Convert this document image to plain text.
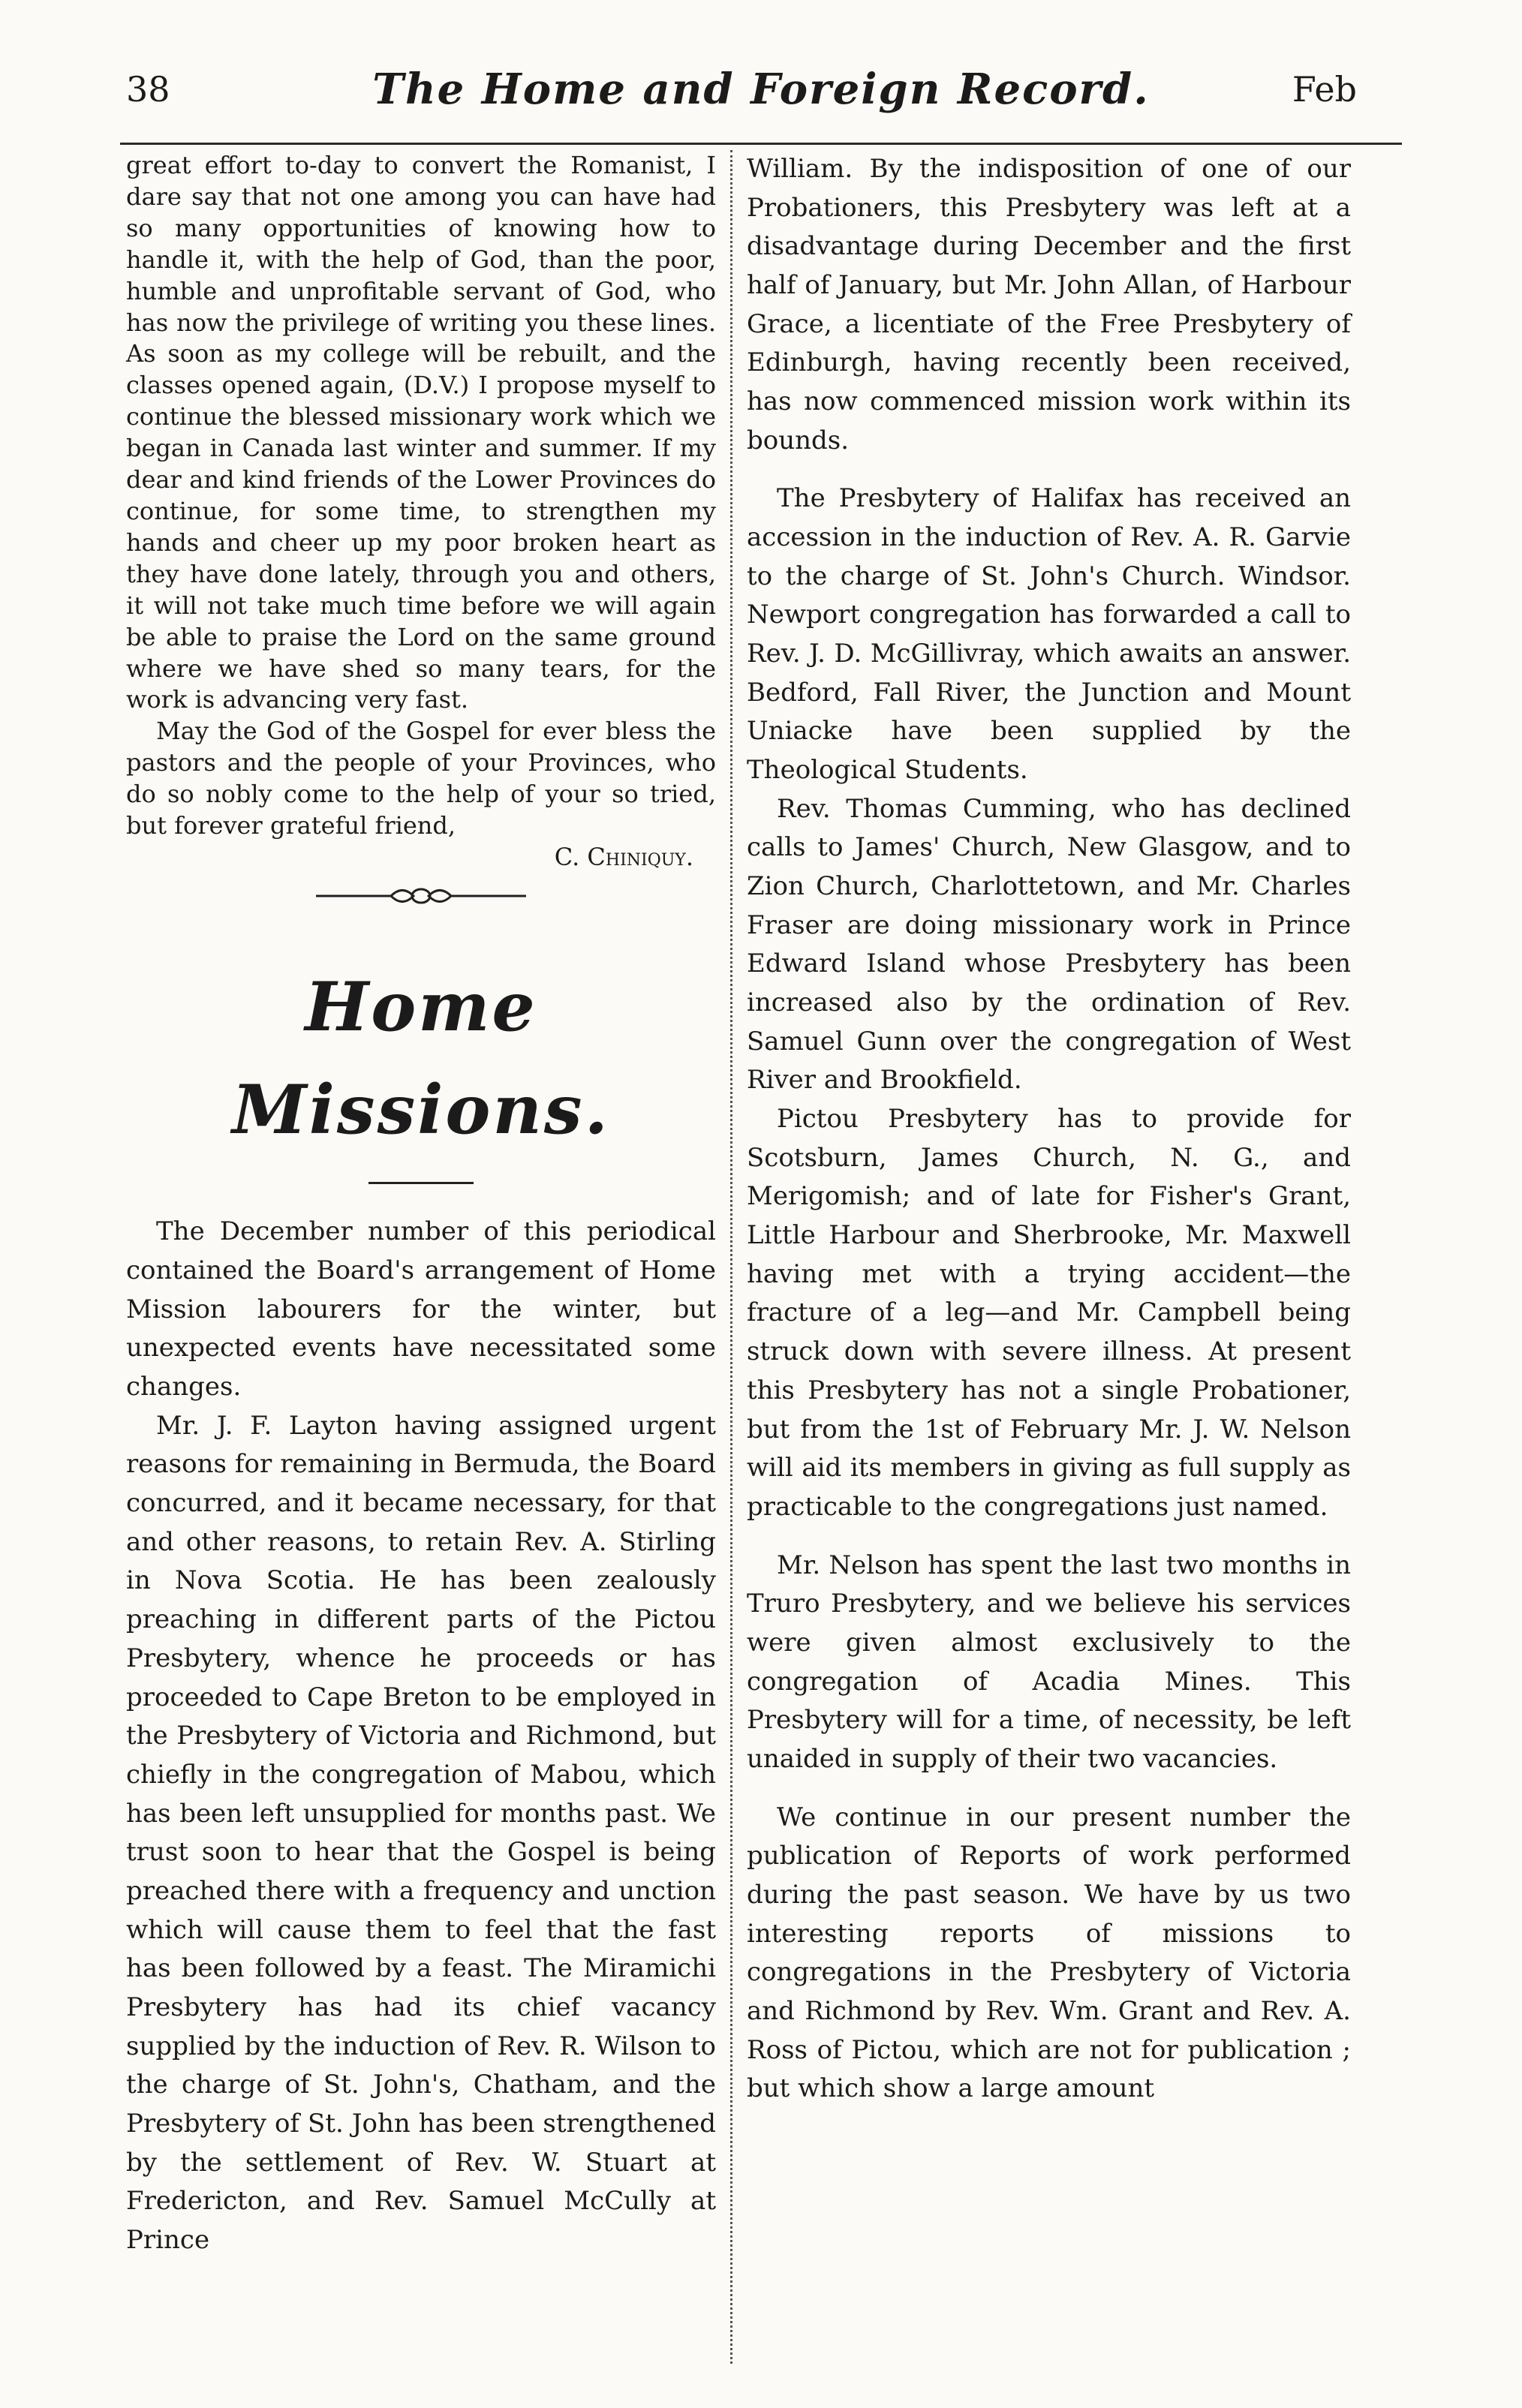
38	The Home and Foreign Record.	Feb

great effort to-day to convert the Romanist, I dare say that not one among you can have had so many opportunities of knowing how to handle it, with the help of God, than the poor, humble and unprofitable servant of God, who has now the privilege of writing you these lines. As soon as my college will be rebuilt, and the classes opened again, (D.V.) I propose myself to continue the blessed missionary work which we began in Canada last winter and summer. If my dear and kind friends of the Lower Provinces do continue, for some time, to strengthen my hands and cheer up my poor broken heart as they have done lately, through you and others, it will not take much time before we will again be able to praise the Lord on the same ground where we have shed so many tears, for the work is advancing very fast.

May the God of the Gospel for ever bless the pastors and the people of your Provinces, who do so nobly come to the help of your so tried, but forever grateful friend,

C. Chiniquy.

Home Missions.

The December number of this periodical contained the Board's arrangement of Home Mission labourers for the winter, but unexpected events have necessitated some changes.

Mr. J. F. Layton having assigned urgent reasons for remaining in Bermuda, the Board concurred, and it became necessary, for that and other reasons, to retain Rev. A. Stirling in Nova Scotia. He has been zealously preaching in different parts of the Pictou Presbytery, whence he proceeds or has proceeded to Cape Breton to be employed in the Presbytery of Victoria and Richmond, but chiefly in the congregation of Mabou, which has been left unsupplied for months past. We trust soon to hear that the Gospel is being preached there with a frequency and unction which will cause them to feel that the fast has been followed by a feast. The Miramichi Presbytery has had its chief vacancy supplied by the induction of Rev. R. Wilson to the charge of St. John's, Chatham, and the Presbytery of St. John has been strengthened by the settlement of Rev. W. Stuart at Fredericton, and Rev. Samuel McCully at Prince

William. By the indisposition of one of our Probationers, this Presbytery was left at a disadvantage during December and the first half of January, but Mr. John Allan, of Harbour Grace, a licentiate of the Free Presbytery of Edinburgh, having recently been received, has now commenced mission work within its bounds.

The Presbytery of Halifax has received an accession in the induction of Rev. A. R. Garvie to the charge of St. John's Church. Windsor. Newport congregation has forwarded a call to Rev. J. D. McGillivray, which awaits an answer. Bedford, Fall River, the Junction and Mount Uniacke have been supplied by the Theological Students.

Rev. Thomas Cumming, who has declined calls to James' Church, New Glasgow, and to Zion Church, Charlottetown, and Mr. Charles Fraser are doing missionary work in Prince Edward Island whose Presbytery has been increased also by the ordination of Rev. Samuel Gunn over the congregation of West River and Brookfield.

Pictou Presbytery has to provide for Scotsburn, James Church, N. G., and Merigomish; and of late for Fisher's Grant, Little Harbour and Sherbrooke, Mr. Maxwell having met with a trying accident—the fracture of a leg—and Mr. Campbell being struck down with severe illness. At present this Presbytery has not a single Probationer, but from the 1st of February Mr. J. W. Nelson will aid its members in giving as full supply as practicable to the congregations just named.

Mr. Nelson has spent the last two months in Truro Presbytery, and we believe his services were given almost exclusively to the congregation of Acadia Mines. This Presbytery will for a time, of necessity, be left unaided in supply of their two vacancies.

We continue in our present number the publication of Reports of work performed during the past season. We have by us two interesting reports of missions to congregations in the Presbytery of Victoria and Richmond by Rev. Wm. Grant and Rev. A. Ross of Pictou, which are not for publication ; but which show a large amount
